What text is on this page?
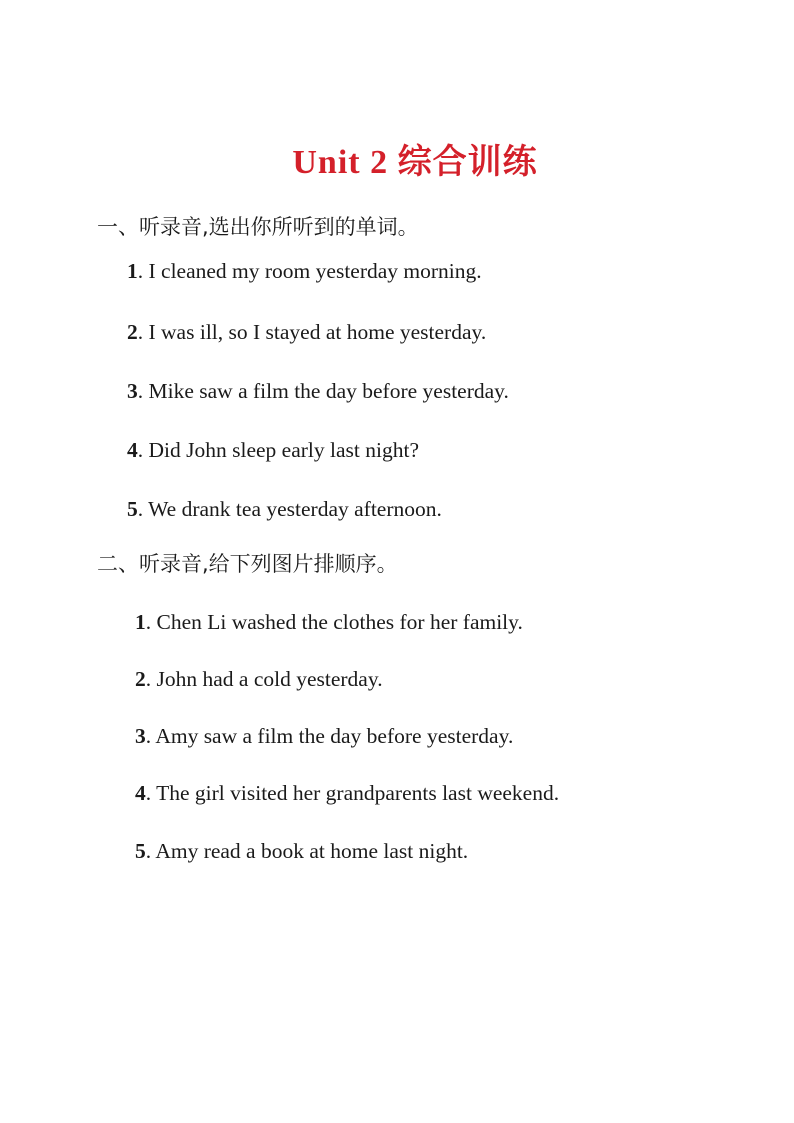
Unit 2 综合训练
一、听录音,选出你所听到的单词。
1. I cleaned my room yesterday morning.
2. I was ill, so I stayed at home yesterday.
3. Mike saw a film the day before yesterday.
4. Did John sleep early last night?
5. We drank tea yesterday afternoon.
二、听录音,给下列图片排顺序。
1. Chen Li washed the clothes for her family.
2. John had a cold yesterday.
3. Amy saw a film the day before yesterday.
4. The girl visited her grandparents last weekend.
5. Amy read a book at home last night.
